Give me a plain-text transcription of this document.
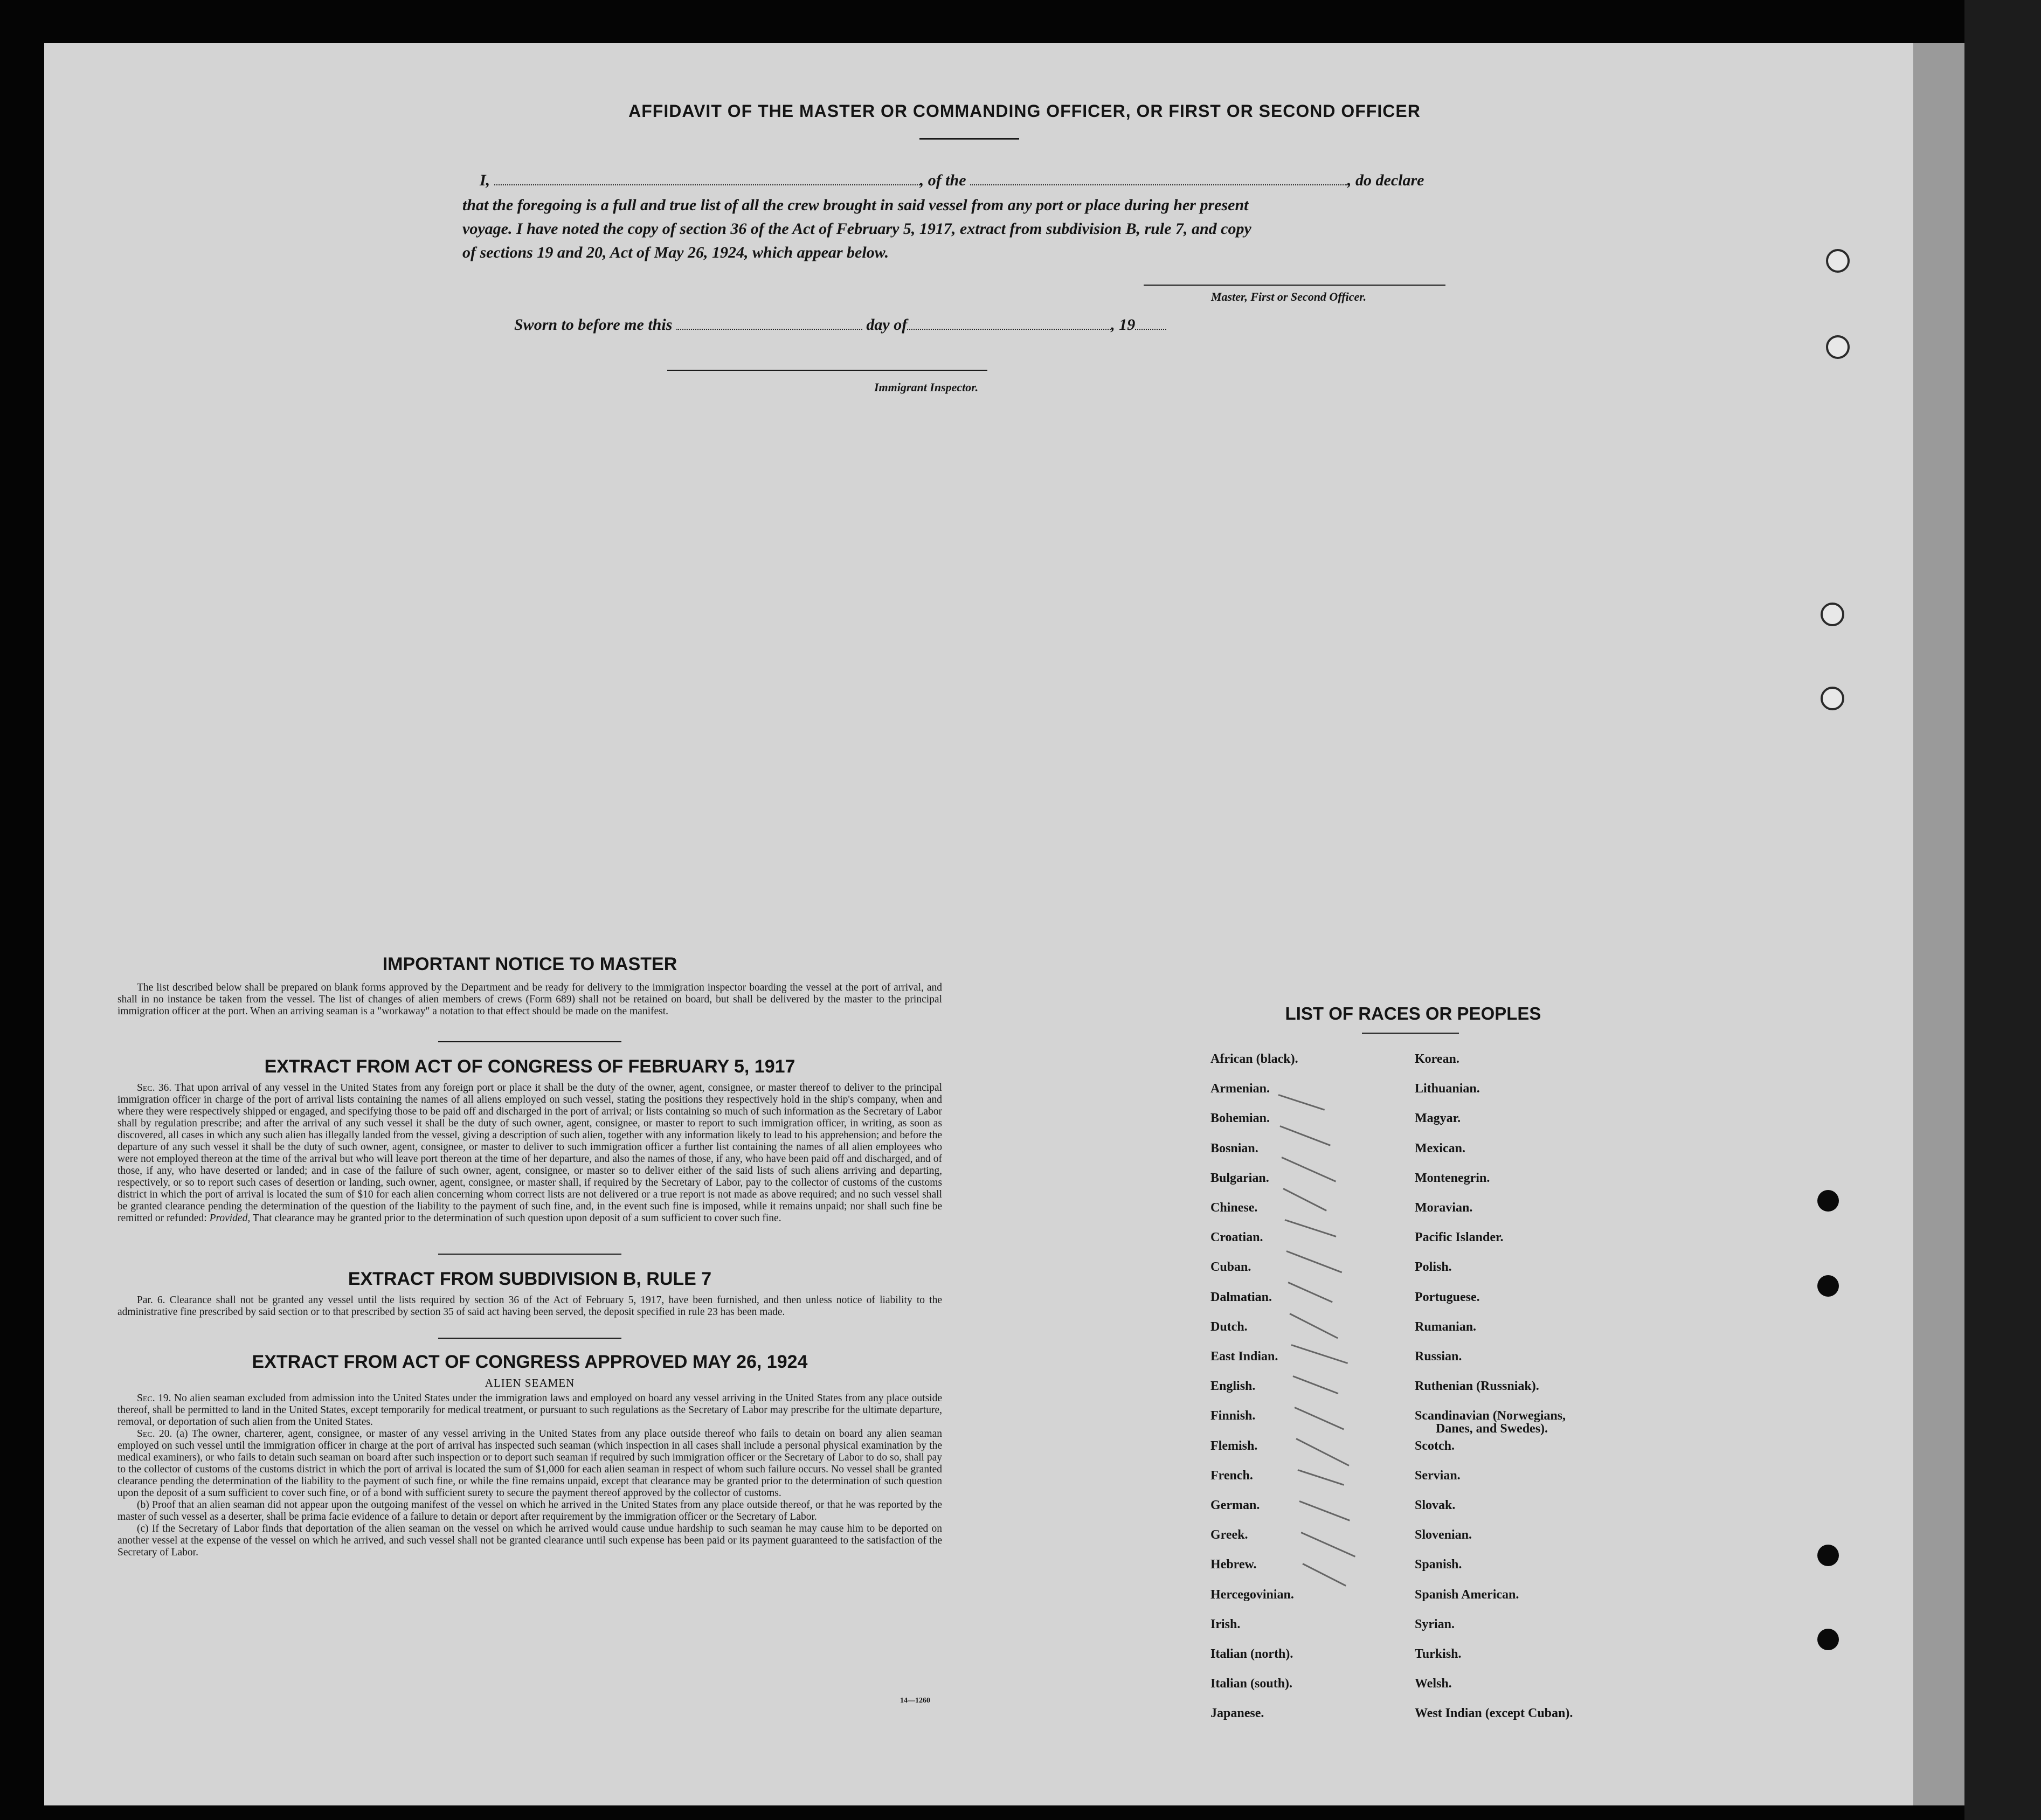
AFFIDAVIT OF THE MASTER OR COMMANDING OFFICER, OR FIRST OR SECOND OFFICER
I,	, of the	, do declare
that the foregoing is a full and true list of all the crew brought in said vessel from any port or place during her present
voyage. I have noted the copy of section 36 of the Act of February 5, 1917, extract from subdivision B, rule 7, and copy
of sections 19 and 20, Act of May 26, 1924, which appear below.
Master, First or Second Officer.
Sworn to before me this	day of	, 19
Immigrant Inspector.
IMPORTANT NOTICE TO MASTER

The list described below shall be prepared on blank forms approved by the Department and be ready for delivery to the immigration inspector boarding the vessel at the port of arrival, and shall in no instance be taken from the vessel. The list of changes of alien members of crews (Form 689) shall not be retained on board, but shall be delivered by the master to the principal immigration officer at the port. When an arriving seaman is a "workaway" a notation to that effect should be made on the manifest.

EXTRACT FROM ACT OF CONGRESS OF FEBRUARY 5, 1917

Sec. 36. That upon arrival of any vessel in the United States from any foreign port or place it shall be the duty of the owner, agent, consignee, or master thereof to deliver to the principal immigration officer in charge of the port of arrival lists containing the names of all aliens employed on such vessel, stating the positions they respectively hold in the ship's company, when and where they were respectively shipped or engaged, and specifying those to be paid off and discharged in the port of arrival; or lists containing so much of such information as the Secretary of Labor shall by regulation prescribe; and after the arrival of any such vessel it shall be the duty of such owner, agent, consignee, or master to report to such immigration officer, in writing, as soon as discovered, all cases in which any such alien has illegally landed from the vessel, giving a description of such alien, together with any information likely to lead to his apprehension; and before the departure of any such vessel it shall be the duty of such owner, agent, consignee, or master to deliver to such immigration officer a further list containing the names of all alien employees who were not employed thereon at the time of the arrival but who will leave port thereon at the time of her departure, and also the names of those, if any, who have been paid off and discharged, and of those, if any, who have deserted or landed; and in case of the failure of such owner, agent, consignee, or master so to deliver either of the said lists of such aliens arriving and departing, respectively, or so to report such cases of desertion or landing, such owner, agent, consignee, or master shall, if required by the Secretary of Labor, pay to the collector of customs of the customs district in which the port of arrival is located the sum of $10 for each alien concerning whom correct lists are not delivered or a true report is not made as above required; and no such vessel shall be granted clearance pending the determination of the question of the liability to the payment of such fine, and, in the event such fine is imposed, while it remains unpaid; nor shall such fine be remitted or refunded: Provided, That clearance may be granted prior to the determination of such question upon deposit of a sum sufficient to cover such fine.

EXTRACT FROM SUBDIVISION B, RULE 7

Par. 6. Clearance shall not be granted any vessel until the lists required by section 36 of the Act of February 5, 1917, have been furnished, and then unless notice of liability to the administrative fine prescribed by said section or to that prescribed by section 35 of said act having been served, the deposit specified in rule 23 has been made.

EXTRACT FROM ACT OF CONGRESS APPROVED MAY 26, 1924
ALIEN SEAMEN

Sec. 19. No alien seaman excluded from admission into the United States under the immigration laws and employed on board any vessel arriving in the United States from any place outside thereof, shall be permitted to land in the United States, except temporarily for medical treatment, or pursuant to such regulations as the Secretary of Labor may prescribe for the ultimate departure, removal, or deportation of such alien from the United States.

Sec. 20. (a) The owner, charterer, agent, consignee, or master of any vessel arriving in the United States from any place outside thereof who fails to detain on board any alien seaman employed on such vessel until the immigration officer in charge at the port of arrival has inspected such seaman (which inspection in all cases shall include a personal physical examination by the medical examiners), or who fails to detain such seaman on board after such inspection or to deport such seaman if required by such immigration officer or the Secretary of Labor to do so, shall pay to the collector of customs of the customs district in which the port of arrival is located the sum of $1,000 for each alien seaman in respect of whom such failure occurs. No vessel shall be granted clearance pending the determination of the liability to the payment of such fine, or while the fine remains unpaid, except that clearance may be granted prior to the determination of such question upon the deposit of a sum sufficient to cover such fine, or of a bond with sufficient surety to secure the payment thereof approved by the collector of customs.

(b) Proof that an alien seaman did not appear upon the outgoing manifest of the vessel on which he arrived in the United States from any place outside thereof, or that he was reported by the master of such vessel as a deserter, shall be prima facie evidence of a failure to detain or deport after requirement by the immigration officer or the Secretary of Labor.

(c) If the Secretary of Labor finds that deportation of the alien seaman on the vessel on which he arrived would cause undue hardship to such seaman he may cause him to be deported on another vessel at the expense of the vessel on which he arrived, and such vessel shall not be granted clearance until such expense has been paid or its payment guaranteed to the satisfaction of the Secretary of Labor.

14—1260
LIST OF RACES OR PEOPLES

African (black).
Armenian.
Bohemian.
Bosnian.
Bulgarian.
Chinese.
Croatian.
Cuban.
Dalmatian.
Dutch.
East Indian.
English.
Finnish.
Flemish.
French.
German.
Greek.
Hebrew.
Hercegovinian.
Irish.
Italian (north).
Italian (south).
Japanese.
Korean.
Lithuanian.
Magyar.
Mexican.
Montenegrin.
Moravian.
Pacific Islander.
Polish.
Portuguese.
Rumanian.
Russian.
Ruthenian (Russniak).
Scandinavian (Norwegians,
Danes, and Swedes).
Scotch.
Servian.
Slovak.
Slovenian.
Spanish.
Spanish American.
Syrian.
Turkish.
Welsh.
West Indian (except Cuban).
